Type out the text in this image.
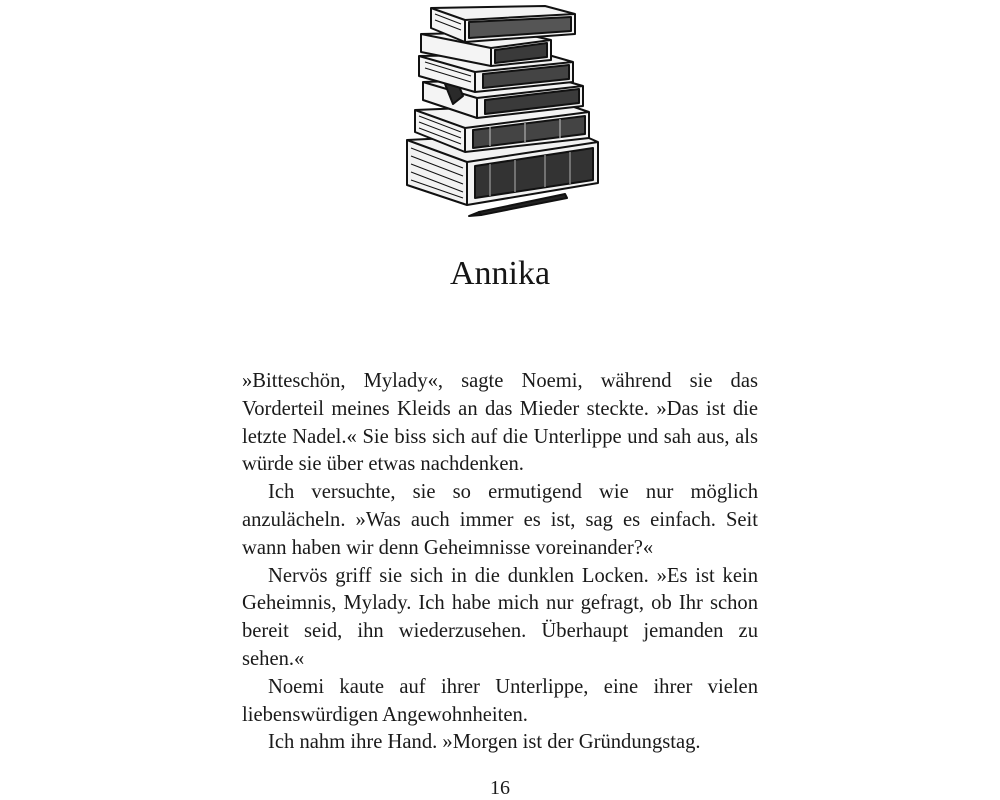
Annika

»Bitteschön, Mylady«, sagte Noemi, während sie das Vorderteil meines Kleids an das Mieder steckte. »Das ist die letzte Nadel.« Sie biss sich auf die Unterlippe und sah aus, als würde sie über etwas nachdenken.

Ich versuchte, sie so ermutigend wie nur möglich anzulächeln. »Was auch immer es ist, sag es einfach. Seit wann haben wir denn Geheimnisse voreinander?«

Nervös griff sie sich in die dunklen Locken. »Es ist kein Geheimnis, Mylady. Ich habe mich nur gefragt, ob Ihr schon bereit seid, ihn wiederzusehen. Überhaupt jemanden zu sehen.«

Noemi kaute auf ihrer Unterlippe, eine ihrer vielen liebenswürdigen Angewohnheiten.

Ich nahm ihre Hand. »Morgen ist der Gründungstag.

16
